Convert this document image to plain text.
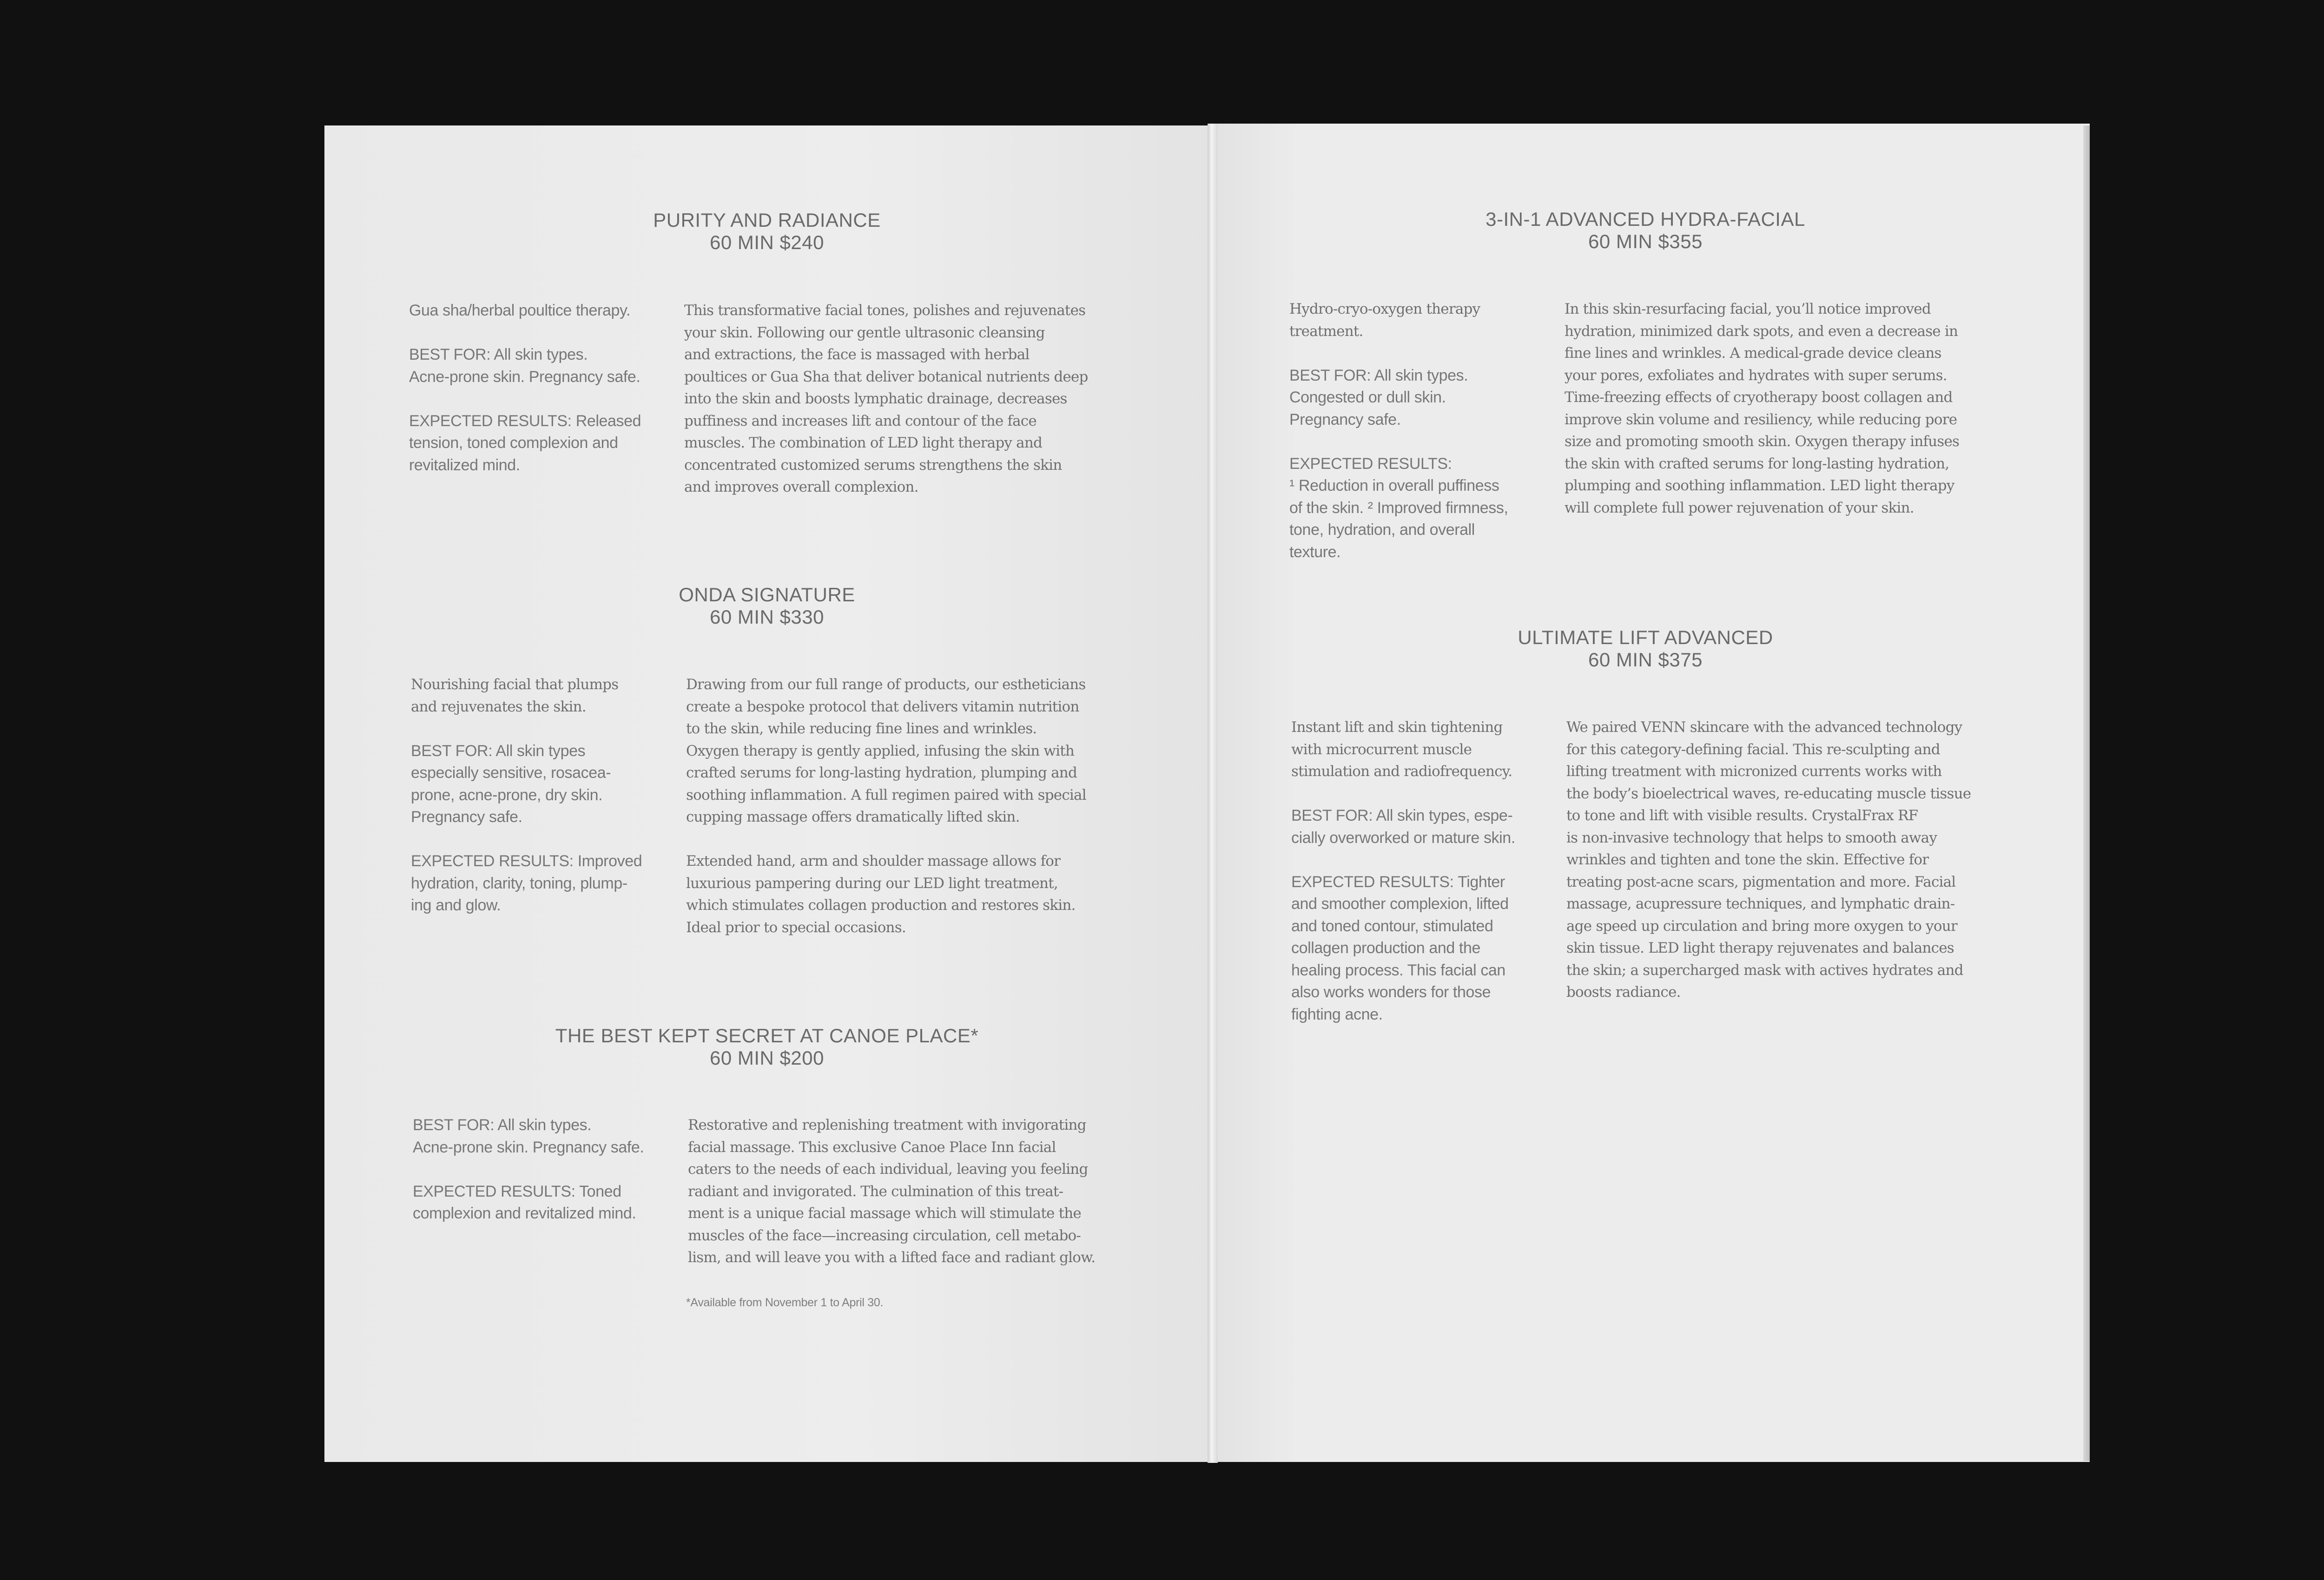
PURITY AND RADIANCE
60 MIN $240
Gua sha/herbal poultice therapy.
BEST FOR: All skin types.
Acne-prone skin. Pregnancy safe.
EXPECTED RESULTS: Released
tension, toned complexion and
revitalized mind.
This transformative facial tones, polishes and rejuvenates
your skin. Following our gentle ultrasonic cleansing
and extractions, the face is massaged with herbal
poultices or Gua Sha that deliver botanical nutrients deep
into the skin and boosts lymphatic drainage, decreases
puffiness and increases lift and contour of the face
muscles. The combination of LED light therapy and
concentrated customized serums strengthens the skin
and improves overall complexion.
ONDA SIGNATURE
60 MIN $330
Nourishing facial that plumps
and rejuvenates the skin.
BEST FOR: All skin types
especially sensitive, rosacea-
prone, acne-prone, dry skin.
Pregnancy safe.
EXPECTED RESULTS: Improved
hydration, clarity, toning, plump-
ing and glow.
Drawing from our full range of products, our estheticians
create a bespoke protocol that delivers vitamin nutrition
to the skin, while reducing fine lines and wrinkles.
Oxygen therapy is gently applied, infusing the skin with
crafted serums for long-lasting hydration, plumping and
soothing inflammation. A full regimen paired with special
cupping massage offers dramatically lifted skin.
Extended hand, arm and shoulder massage allows for
luxurious pampering during our LED light treatment,
which stimulates collagen production and restores skin.
Ideal prior to special occasions.
THE BEST KEPT SECRET AT CANOE PLACE*
60 MIN $200
BEST FOR: All skin types.
Acne-prone skin. Pregnancy safe.
EXPECTED RESULTS: Toned
complexion and revitalized mind.
Restorative and replenishing treatment with invigorating
facial massage. This exclusive Canoe Place Inn facial
caters to the needs of each individual, leaving you feeling
radiant and invigorated. The culmination of this treat-
ment is a unique facial massage which will stimulate the
muscles of the face—increasing circulation, cell metabo-
lism, and will leave you with a lifted face and radiant glow.
*Available from November 1 to April 30.
3-IN-1 ADVANCED HYDRA-FACIAL
60 MIN $355
Hydro-cryo-oxygen therapy
treatment.
BEST FOR: All skin types.
Congested or dull skin.
Pregnancy safe.
EXPECTED RESULTS:
¹ Reduction in overall puffiness
of the skin. ² Improved firmness,
tone, hydration, and overall
texture.
In this skin-resurfacing facial, you’ll notice improved
hydration, minimized dark spots, and even a decrease in
fine lines and wrinkles. A medical-grade device cleans
your pores, exfoliates and hydrates with super serums.
Time-freezing effects of cryotherapy boost collagen and
improve skin volume and resiliency, while reducing pore
size and promoting smooth skin. Oxygen therapy infuses
the skin with crafted serums for long-lasting hydration,
plumping and soothing inflammation. LED light therapy
will complete full power rejuvenation of your skin.
ULTIMATE LIFT ADVANCED
60 MIN $375
Instant lift and skin tightening
with microcurrent muscle
stimulation and radiofrequency.
BEST FOR: All skin types, espe-
cially overworked or mature skin.
EXPECTED RESULTS: Tighter
and smoother complexion, lifted
and toned contour, stimulated
collagen production and the
healing process. This facial can
also works wonders for those
fighting acne.
We paired VENN skincare with the advanced technology
for this category-defining facial. This re-sculpting and
lifting treatment with micronized currents works with
the body’s bioelectrical waves, re-educating muscle tissue
to tone and lift with visible results. CrystalFrax RF
is non-invasive technology that helps to smooth away
wrinkles and tighten and tone the skin. Effective for
treating post-acne scars, pigmentation and more. Facial
massage, acupressure techniques, and lymphatic drain-
age speed up circulation and bring more oxygen to your
skin tissue. LED light therapy rejuvenates and balances
the skin; a supercharged mask with actives hydrates and
boosts radiance.
